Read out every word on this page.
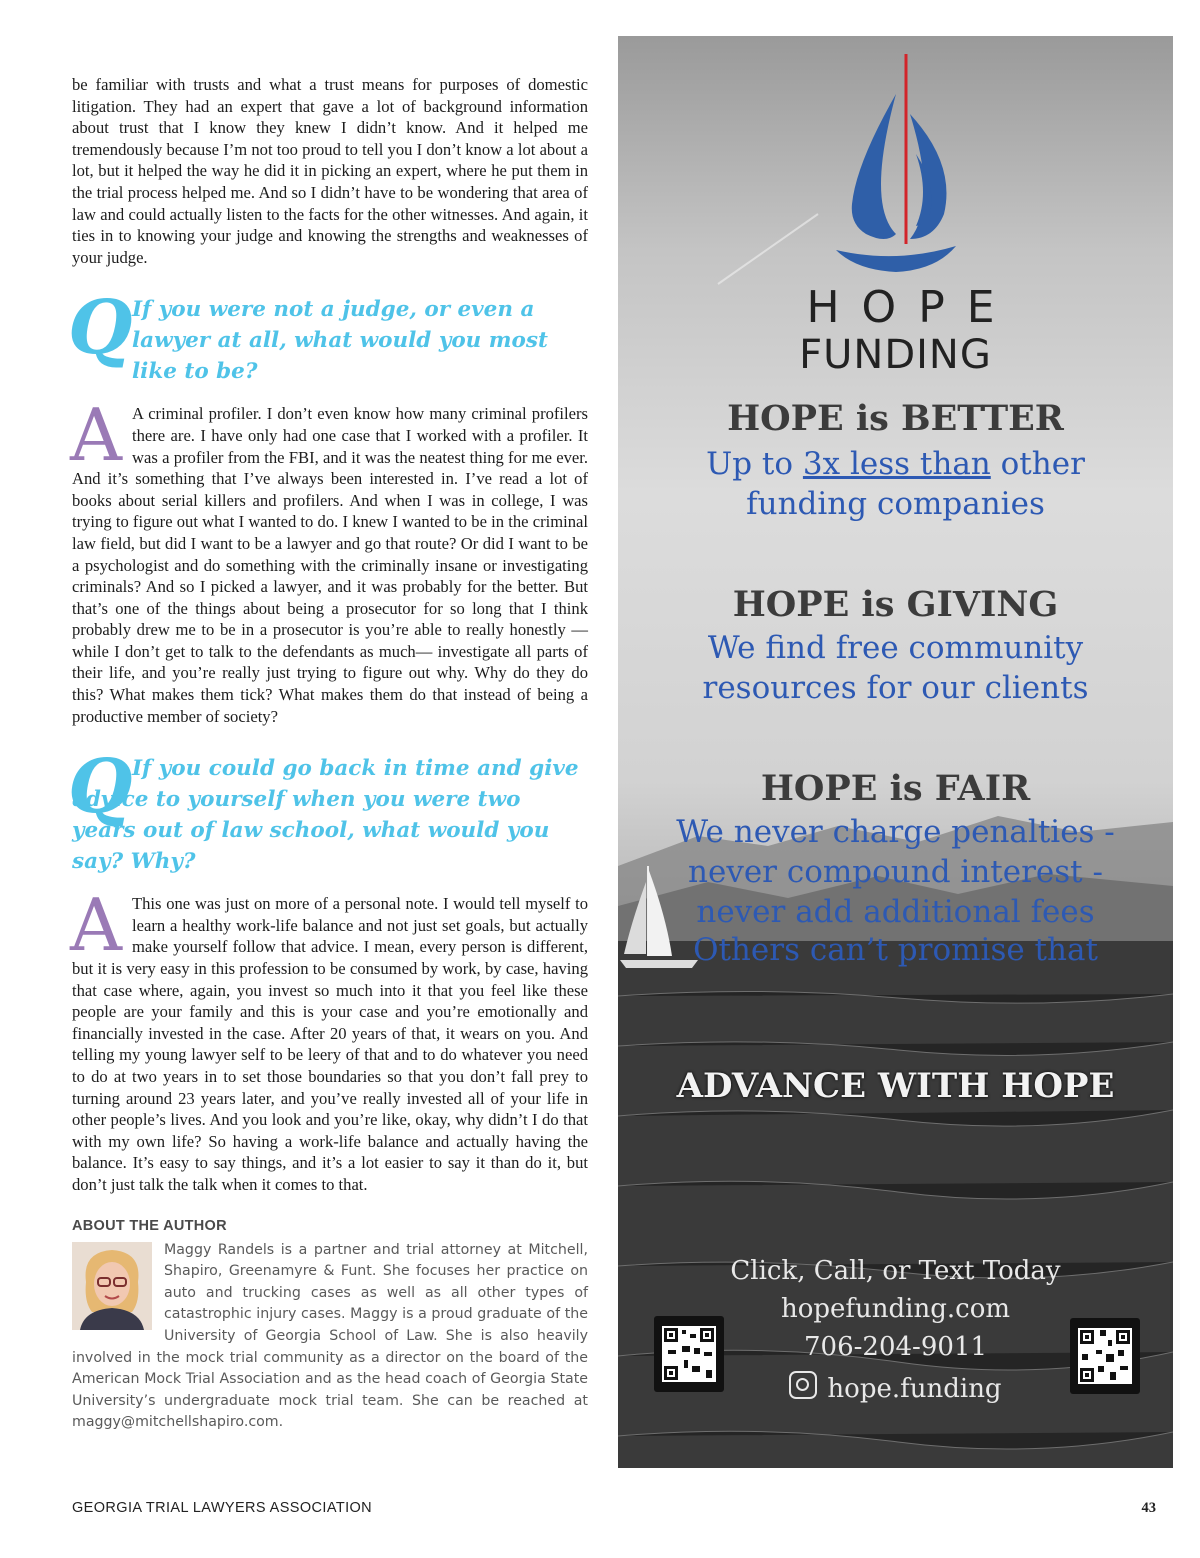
be familiar with trusts and what a trust means for purposes of domestic litigation. They had an expert that gave a lot of background information about trust that I know they knew I didn’t know. And it helped me tremendously because I’m not too proud to tell you I don’t know a lot about a lot, but it helped the way he did it in picking an expert, where he put them in the trial process helped me. And so I didn’t have to be wondering that area of law and could actually listen to the facts for the other witnesses. And again, it ties in to knowing your judge and knowing the strengths and weaknesses of your judge.

Q If you were not a judge, or even a lawyer at all, what would you most like to be?

A A criminal profiler. I don’t even know how many criminal profilers there are. I have only had one case that I worked with a profiler. It was a profiler from the FBI, and it was the neatest thing for me ever. And it’s something that I’ve always been interested in. I’ve read a lot of books about serial killers and profilers. And when I was in college, I was trying to figure out what I wanted to do. I knew I wanted to be in the criminal law field, but did I want to be a lawyer and go that route? Or did I want to be a psychologist and do something with the criminally insane or investigating criminals? And so I picked a lawyer, and it was probably for the better. But that’s one of the things about being a prosecutor for so long that I think probably drew me to be in a prosecutor is you’re able to really honestly — while I don’t get to talk to the defendants as much— investigate all parts of their life, and you’re really just trying to figure out why. Why do they do this? What makes them tick? What makes them do that instead of being a productive member of society?

Q If you could go back in time and give advice to yourself when you were two years out of law school, what would you say? Why?

A This one was just on more of a personal note. I would tell myself to learn a healthy work-life balance and not just set goals, but actually make yourself follow that advice. I mean, every person is different, but it is very easy in this profession to be consumed by work, by case, having that case where, again, you invest so much into it that you feel like these people are your family and this is your case and you’re emotionally and financially invested in the case. After 20 years of that, it wears on you. And telling my young lawyer self to be leery of that and to do whatever you need to do at two years in to set those boundaries so that you don’t fall prey to turning around 23 years later, and you’ve really invested all of your life in other people’s lives. And you look and you’re like, okay, why didn’t I do that with my own life? So having a work-life balance and actually having the balance. It’s easy to say things, and it’s a lot easier to say it than do it, but don’t just talk the talk when it comes to that.

ABOUT THE AUTHOR

Maggy Randels is a partner and trial attorney at Mitchell, Shapiro, Greenamyre & Funt. She focuses her practice on auto and trucking cases as well as all other types of catastrophic injury cases. Maggy is a proud graduate of the University of Georgia School of Law. She is also heavily involved in the mock trial community as a director on the board of the American Mock Trial Association and as the head coach of Georgia State University’s undergraduate mock trial team. She can be reached at maggy@mitchellshapiro.com.

HOPE
FUNDING
HOPE is BETTER
Up to 3x less than other
funding companies
HOPE is GIVING
We find free community
resources for our clients
HOPE is FAIR
We never charge penalties -
never compound interest -
never add additional fees
Others can’t promise that
ADVANCE WITH HOPE
Click, Call, or Text Today
hopefunding.com
706-204-9011
hope.funding
GEORGIA TRIAL LAWYERS ASSOCIATION	43
